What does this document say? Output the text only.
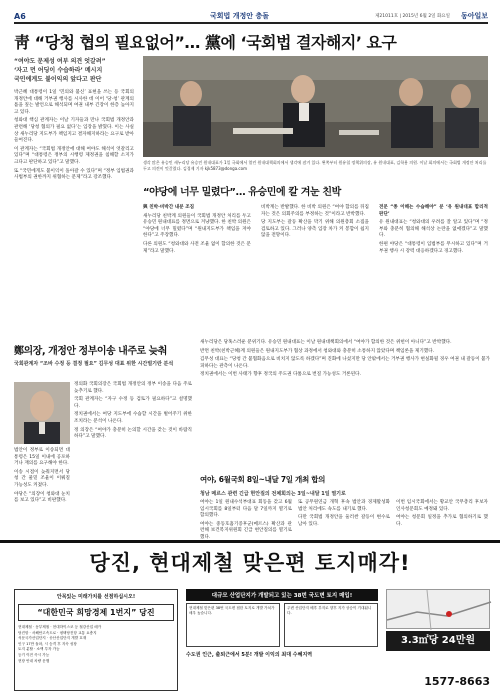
A6	국회법 개정안 충돌	제21011호 | 2015년 6월 2일 화요일 동아일보
靑 “당청 협의 필요없어”… 黨에 ‘국회법 결자해지’ 요구
“여야도 문제성 여부 의견 엇갈려”
‘자고 먼 어딩이 수습하라’ 메시지
국민에게도 불이익의 앞다고 판단

박근혜 대통령이 1일 ‘민의와 불신’ 표현을 쓰는 등 국회의 개정안에 대해 거부권 행사를 시사한 데 이어 ‘당·청’ 관계의 틀을 짚는 발언으로 해석되며 여권 내부 긴장이 한층 높아지고 있다.

청와대 핵심 관계자는 이날 기자들과 만나 국회법 개정안과 관련해 ‘당청 협의가 필요 없다’는 입장을 밝혔다. 이는 사실상 새누리당 지도부가 책임지고 결자해지하라는 요구로 받아들여진다.

이 관계자는 “국회법 개정안에 대해 여야도 해석이 엇갈리고 있다”며 “대통령은 정부의 시행령 제정권을 침해할 소지가 크다고 판단하고 있다”고 말했다.

또 “국민에게도 불이익이 돌아갈 수 있다”며 “정부 입법권과 사법부의 권한까지 위협하는 문제”라고 강조했다.

생각 많은 유승민 새누리당 유승민 원내대표가 1일 국회에서 열린 원내대책회의에서 생각에 잠겨 있다. 왼쪽부터 원유철 정책위의장, 유 원내대표, 김학용 의원. 이날 회의에서는 국회법 개정안 처리를 두고 의견이 엇갈렸다. 김경제 기자 kjk5873@donga.com
“야당에 너무 밀렸다”… 유승민에 칼 겨눈 친박

與 친박·비박간 내분 조짐

새누리당 친박계 의원들이 국회법 개정안 처리를 두고 유승민 원내대표를 정면으로 겨냥했다. 한 친박 의원은 “야당에 너무 밀렸다”며 “원내지도부가 책임을 져야 한다”고 주장했다.

다른 의원도 “청와대와 사전 조율 없이 합의한 것은 문제”라고 말했다.

비박계는 반발했다. 한 비박 의원은 “여야 합의를 뒤집자는 것은 의회주의를 부정하는 것”이라고 반박했다.

당 지도부는 갈등 확산을 막기 위해 의원총회 소집을 검토하고 있다. 그러나 양측 입장 차가 커 봉합이 쉽지 않을 전망이다.

전문 “종 이해는 수습해야” 분 ‘유 원내대표 합리적 판단’

유 원내대표는 “청와대의 우려를 잘 알고 있다”며 “정부와 충분히 협의해 해석상 논란을 없애겠다”고 말했다.

한편 야당은 “대통령이 입법부를 무시하고 있다”며 거부권 행사 시 강력 대응하겠다고 경고했다.

鄭의장, 개정안 정부이송 내주로 늦춰
국회관계자 “조바 수정 등 결정 필요” 김무성 대표 위한 시간벌기란 분석

정의화 국회의장은 국회법 개정안의 정부 이송을 다음 주로 늦추기로 했다.

국회 관계자는 “자구 수정 등 검토가 필요하다”고 설명했다.

정치권에서는 여당 지도부에 수습할 시간을 벌어주기 위한 조치라는 분석이 나온다.

정 의장은 “여야가 충분히 논의할 시간을 갖는 것이 바람직하다”고 말했다.

법안이 정부로 이송되면 대통령은 15일 이내에 공포하거나 재의를 요구해야 한다.

이송 시점이 늦춰지면서 당청 간 물밑 조율이 이뤄질 가능성도 커졌다.

야당은 “의장이 청와대 눈치를 보고 있다”고 비판했다.

새누리당은 당혹스러운 분위기다. 유승민 원내대표는 이날 원내대책회의에서 “여야가 합의한 것은 위헌이 아니다”고 반박했다.

반면 친박(친박근혜)계 의원들은 원내지도부가 협상 과정에서 청와대와 충분히 소통하지 않았다며 책임론을 제기했다.

김무성 대표는 “당청 간 불협화음으로 비치지 않도록 하겠다”며 진화에 나섰지만 당 안팎에서는 거부권 행사가 현실화될 경우 여권 내 갈등이 불가피하다는 관측이 나온다.

정치권에서는 이번 사태가 향후 정국의 주도권 다툼으로 번질 가능성도 거론된다.

여야, 6월국회 8일~내달 7일 개최 합의
청남 메르스 관련 긴급 현안질의 전체회의는 3일~내달 1일 열기로

여야는 1일 원내수석부대표 회동을 갖고 6월 임시국회를 8일부터 다음 달 7일까지 열기로 합의했다.

여야는 중동호흡기증후군(메르스) 확산과 관련해 보건복지위원회 긴급 현안질의를 열기로 했다.

또 공무원연금 개혁 후속 법안과 경제활성화 법안 처리에도 속도를 내기로 했다.

다만 국회법 개정안을 둘러싼 갈등이 변수로 남아 있다.

이번 임시국회에서는 황교안 국무총리 후보자 인사청문회도 예정돼 있다.

여야는 청문회 일정을 추가로 협의하기로 했다.

당진, 현대제철 맞은편 토지매각!
안목있는 미래가치를 선점하십시오!
“대한민국 희망경제 1번지” 당진
현대제철 · 동부제철 · 현대하이스코 등 철강산업 메카
당진항 · 서해안고속도로 · 평택당진항 교통 요충지
석문국가산업단지 · 송산산업단지 개발 호재
인구 17만 돌파, 시 승격 후 지속 성장
토지 분할 · 소액 투자 가능
등기 이전 즉시 가능
현장 안내 차량 운행
대규모 산업단지가 개발되고 있는 38번 국도변 토지 매입!
현대제철 맞은편 38번 국도변 접한 토지로 개발 가치가 매우 높습니다.
주변 산업단지 배후 부지로 향후 지가 상승이 기대됩니다.
수도권 인근, 출퇴근에서 5분! 개발 이익의 최대 수혜지역
3.3㎡당 24만원
1577-8663
